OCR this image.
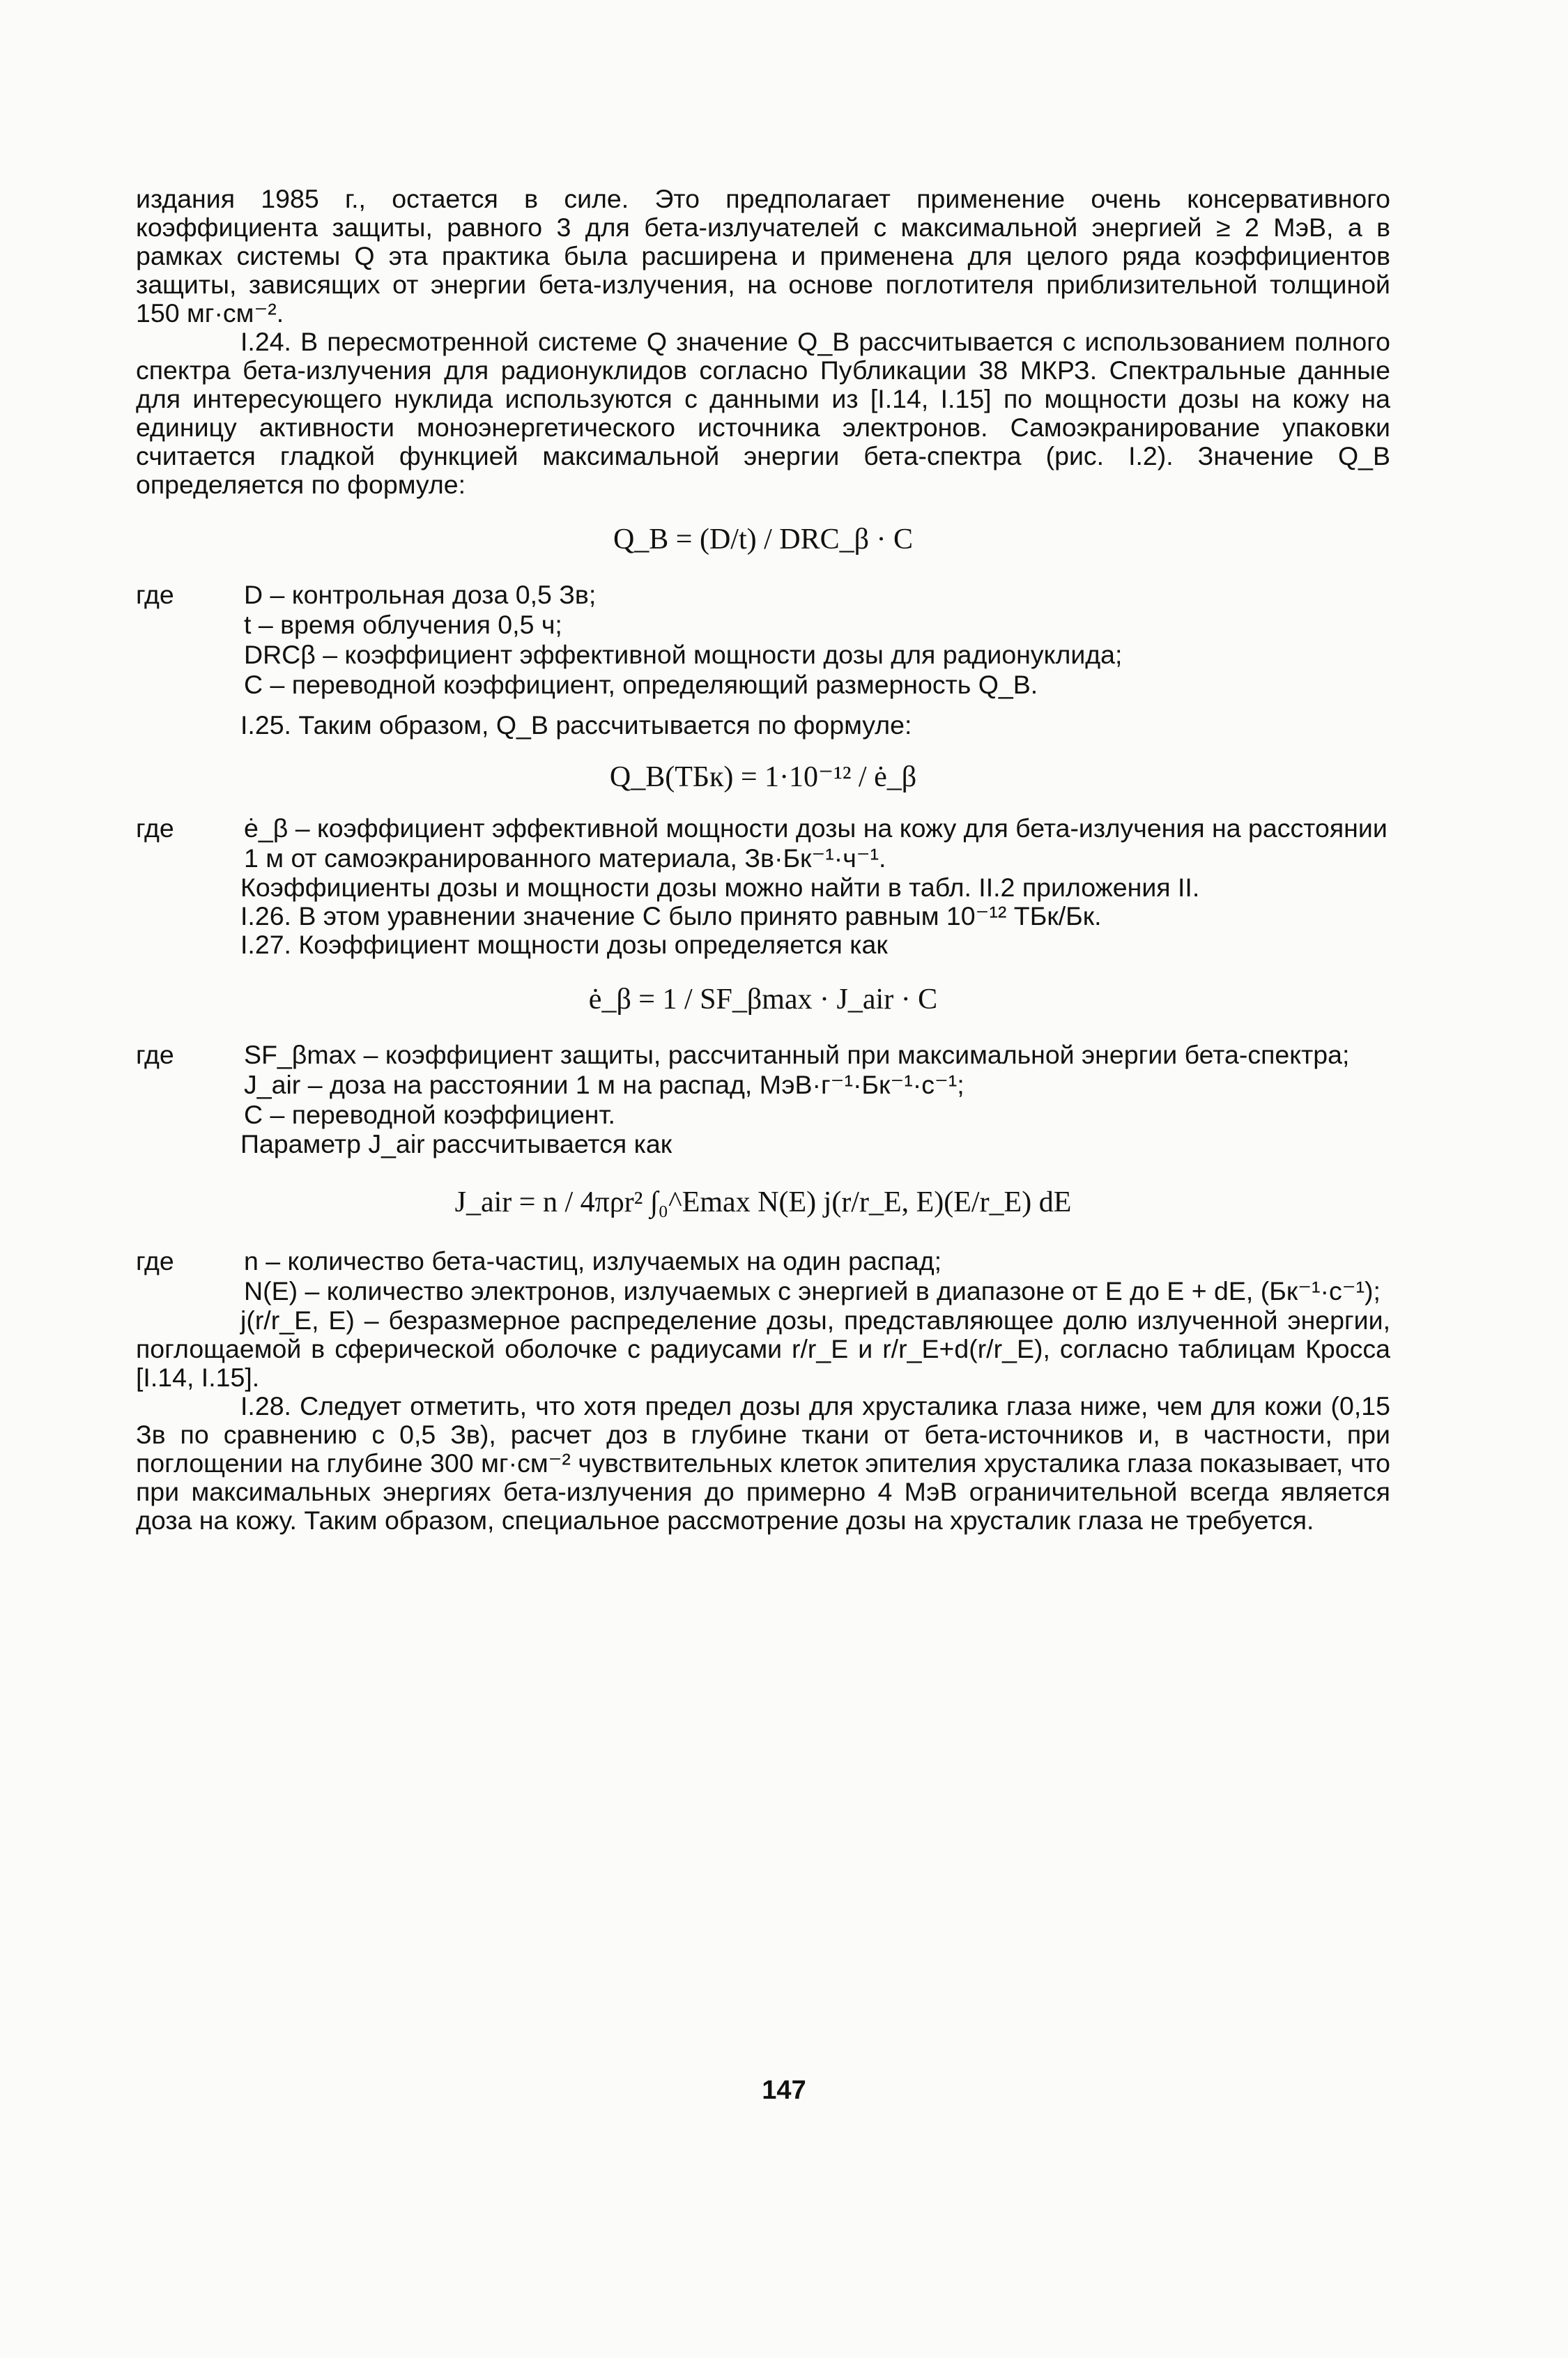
издания 1985 г., остается в силе. Это предполагает применение очень консервативного коэффициента защиты, равного 3 для бета-излучателей с максимальной энергией ≥ 2 МэВ, а в рамках системы Q эта практика была расширена и применена для целого ряда коэффициентов защиты, зависящих от энергии бета-излучения, на основе поглотителя приблизительной толщиной 150 мг·см⁻².

I.24. В пересмотренной системе Q значение Q_B рассчитывается с использованием полного спектра бета-излучения для радионуклидов согласно Публикации 38 МКРЗ. Спектральные данные для интересующего нуклида используются с данными из [I.14, I.15] по мощности дозы на кожу на единицу активности моноэнергетического источника электронов. Самоэкранирование упаковки считается гладкой функцией максимальной энергии бета-спектра (рис. I.2). Значение Q_B определяется по формуле:

Q_B = (D/t) / DRC_β · C
где	D – контрольная доза 0,5 Зв;
t – время облучения 0,5 ч;
DRCβ – коэффициент эффективной мощности дозы для радионуклида;
C – переводной коэффициент, определяющий размерность Q_B.

I.25. Таким образом, Q_B рассчитывается по формуле:

Q_B(ТБк) = 1·10⁻¹² / ė_β
где	ė_β – коэффициент эффективной мощности дозы на кожу для бета-излучения на расстоянии 1 м от самоэкранированного материала, Зв·Бк⁻¹·ч⁻¹.

Коэффициенты дозы и мощности дозы можно найти в табл. II.2 приложения II.

I.26. В этом уравнении значение C было принято равным 10⁻¹² ТБк/Бк.

I.27. Коэффициент мощности дозы определяется как

ė_β = 1 / SF_βmax · J_air · C
где	SF_βmax – коэффициент защиты, рассчитанный при максимальной энергии бета-спектра;
J_air – доза на расстоянии 1 м на распад, МэВ·г⁻¹·Бк⁻¹·с⁻¹;
C – переводной коэффициент.

Параметр J_air рассчитывается как

J_air = n / 4πρr² ∫₀^Emax N(E) j(r/r_E, E)(E/r_E) dE
где	n – количество бета-частиц, излучаемых на один распад;
N(E) – количество электронов, излучаемых с энергией в диапазоне от E до E + dE, (Бк⁻¹·с⁻¹);

j(r/r_E, E) – безразмерное распределение дозы, представляющее долю излученной энергии, поглощаемой в сферической оболочке с радиусами r/r_E и r/r_E+d(r/r_E), согласно таблицам Кросса [I.14, I.15].

I.28. Следует отметить, что хотя предел дозы для хрусталика глаза ниже, чем для кожи (0,15 Зв по сравнению с 0,5 Зв), расчет доз в глубине ткани от бета-источников и, в частности, при поглощении на глубине 300 мг·см⁻² чувствительных клеток эпителия хрусталика глаза показывает, что при максимальных энергиях бета-излучения до примерно 4 МэВ ограничительной всегда является доза на кожу. Таким образом, специальное рассмотрение дозы на хрусталик глаза не требуется.

147
